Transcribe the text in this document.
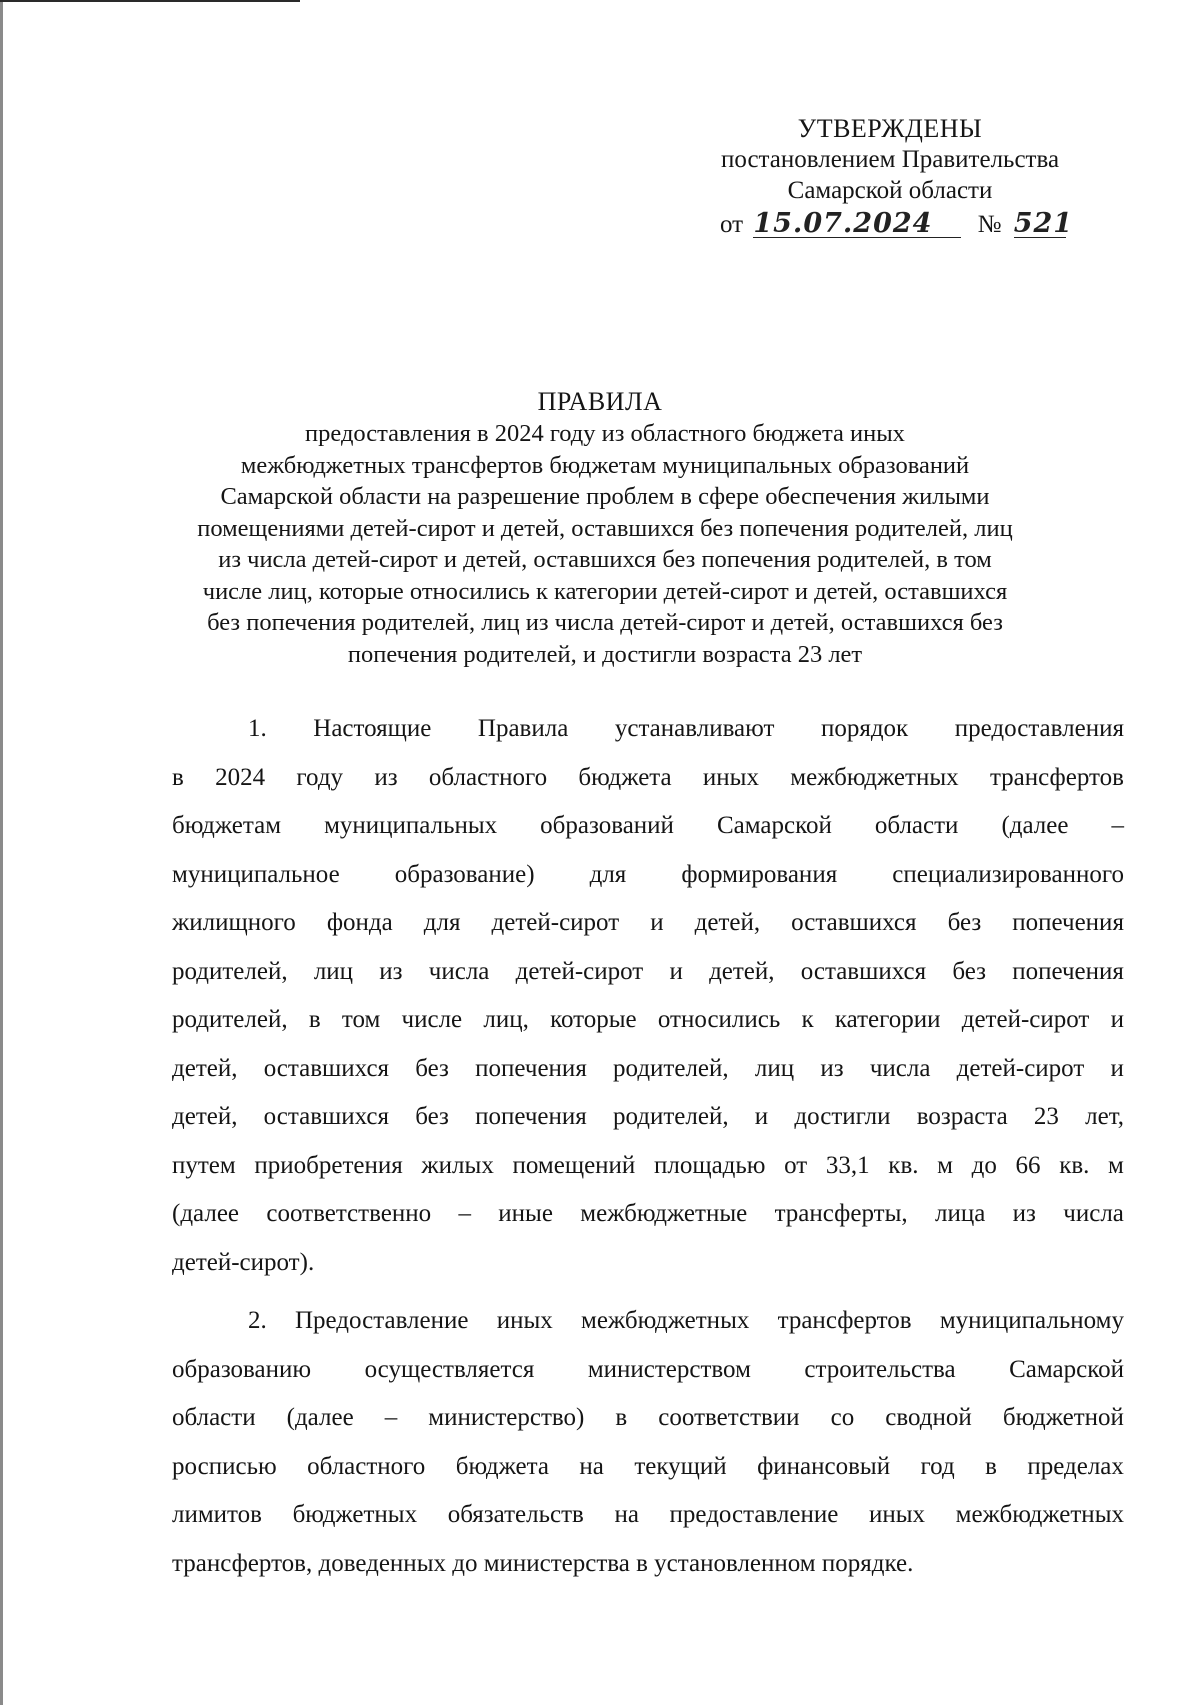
УТВЕРЖДЕНЫ
постановлением Правительства
Самарской области
от 15.07.2024 № 521
ПРАВИЛА
предоставления в 2024 году из областного бюджета иных
межбюджетных трансфертов бюджетам муниципальных образований
Самарской области на разрешение проблем в сфере обеспечения жилыми
помещениями детей-сирот и детей, оставшихся без попечения родителей, лиц
из числа детей-сирот и детей, оставшихся без попечения родителей, в том
числе лиц, которые относились к категории детей-сирот и детей, оставшихся
без попечения родителей, лиц из числа детей-сирот и детей, оставшихся без
попечения родителей, и достигли возраста 23 лет
1. Настоящие Правила устанавливают порядок предоставления
в 2024 году из областного бюджета иных межбюджетных трансфертов
бюджетам муниципальных образований Самарской области (далее –
муниципальное образование) для формирования специализированного
жилищного фонда для детей-сирот и детей, оставшихся без попечения
родителей, лиц из числа детей-сирот и детей, оставшихся без попечения
родителей, в том числе лиц, которые относились к категории детей-сирот и
детей, оставшихся без попечения родителей, лиц из числа детей-сирот и
детей, оставшихся без попечения родителей, и достигли возраста 23 лет,
путем приобретения жилых помещений площадью от 33,1 кв. м до 66 кв. м
(далее соответственно – иные межбюджетные трансферты, лица из числа
детей-сирот).
2. Предоставление иных межбюджетных трансфертов муниципальному
образованию осуществляется министерством строительства Самарской
области (далее – министерство) в соответствии со сводной бюджетной
росписью областного бюджета на текущий финансовый год в пределах
лимитов бюджетных обязательств на предоставление иных межбюджетных
трансфертов, доведенных до министерства в установленном порядке.
